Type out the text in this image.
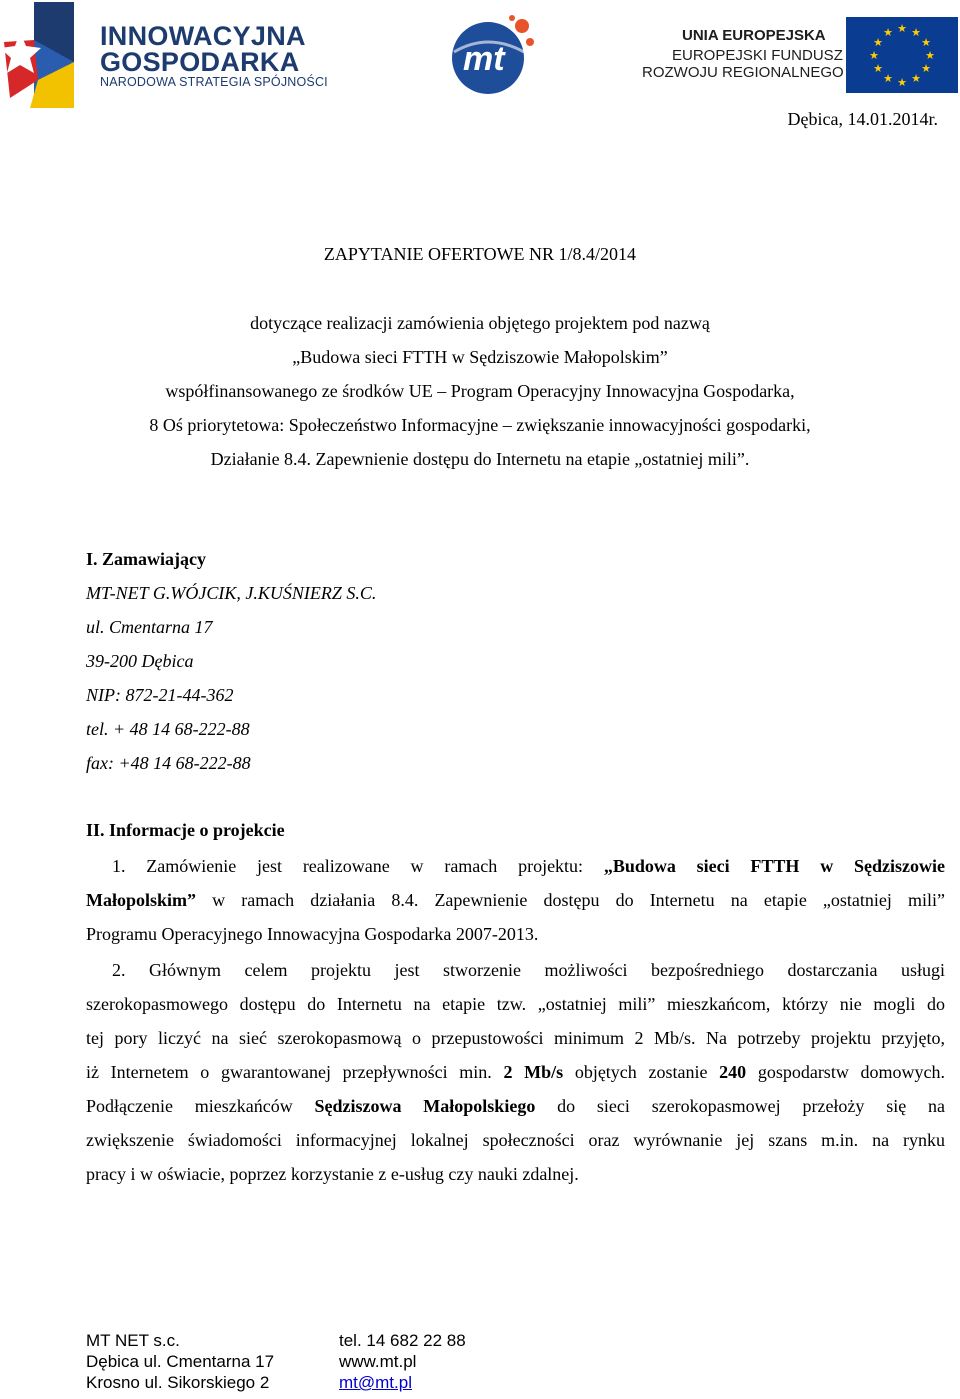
INNOWACYJNA
GOSPODARKA
NARODOWA STRATEGIA SPÓJNOŚCI
mt
UNIA EUROPEJSKA
EUROPEJSKI FUNDUSZ
ROZWOJU REGIONALNEGO
★ ★
★
★
★
★
★
★
★
★
★
★
Dębica, 14.01.2014r.
ZAPYTANIE OFERTOWE NR 1/8.4/2014
dotyczące realizacji zamówienia objętego projektem pod nazwą
„Budowa sieci FTTH w Sędziszowie Małopolskim”
współfinansowanego ze środków UE – Program Operacyjny Innowacyjna Gospodarka,
8 Oś priorytetowa: Społeczeństwo Informacyjne – zwiększanie innowacyjności gospodarki,
Działanie 8.4. Zapewnienie dostępu do Internetu na etapie „ostatniej mili”.
I. Zamawiający
MT-NET G.WÓJCIK, J.KUŚNIERZ S.C.
ul. Cmentarna 17
39-200 Dębica
NIP: 872-21-44-362
tel. + 48 14 68-222-88
fax: +48 14 68-222-88
II. Informacje o projekcie
1. Zamówienie jest realizowane w ramach projektu: „Budowa sieci FTTH w Sędziszowie
Małopolskim” w ramach działania 8.4. Zapewnienie dostępu do Internetu na etapie „ostatniej mili”
Programu Operacyjnego Innowacyjna Gospodarka 2007-2013.
2. Głównym celem projektu jest stworzenie możliwości bezpośredniego dostarczania usługi
szerokopasmowego dostępu do Internetu na etapie tzw. „ostatniej mili” mieszkańcom, którzy nie mogli do
tej pory liczyć na sieć szerokopasmową o przepustowości minimum 2 Mb/s. Na potrzeby projektu przyjęto,
iż Internetem o gwarantowanej przepływności min. 2 Mb/s objętych zostanie 240 gospodarstw domowych.
Podłączenie mieszkańców Sędziszowa Małopolskiego do sieci szerokopasmowej przełoży się na
zwiększenie świadomości informacyjnej lokalnej społeczności oraz wyrównanie jej szans m.in. na rynku
pracy i w oświacie, poprzez korzystanie z e-usług czy nauki zdalnej.
MT NET s.c.
Dębica ul. Cmentarna 17
Krosno ul. Sikorskiego 2
tel. 14 682 22 88
www.mt.pl
mt@mt.pl
